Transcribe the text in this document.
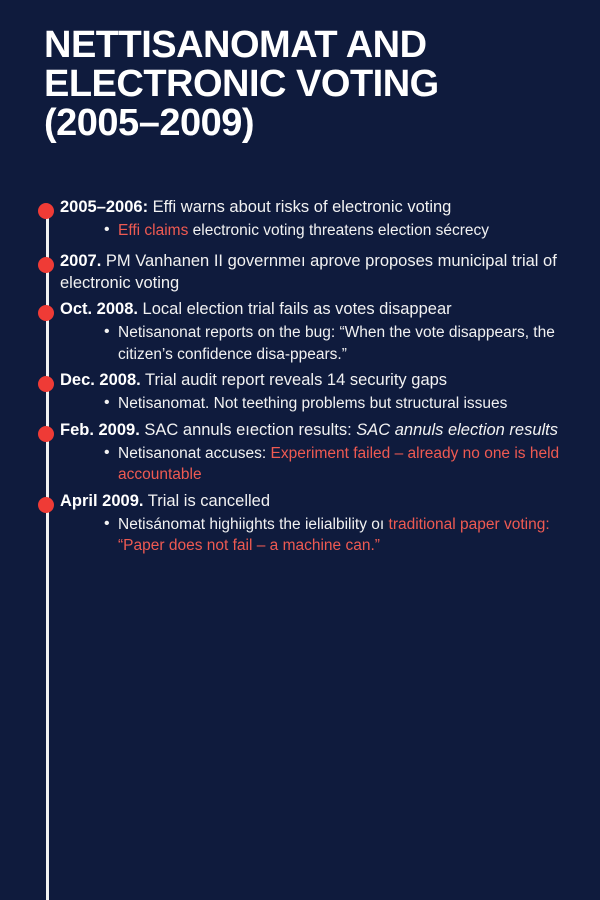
NETTISANOMAT AND ELECTRONIC VOTING (2005–2009)

2005–2006: Effi warns about risks of electronic voting

• Effi claims electronic voting threatens election sécrecy

2007. PM Vanhanen II governmeı aprove proposes municipal trial of electronic voting

Oct. 2008. Local election trial fails as votes disappear

• Netisanonat reports on the bug: “When the vote disappears, the citizen’s confidence disa-ppears.”

Dec. 2008. Trial audit report reveals 14 security gaps

• Netisanomat. Not teething problems but structural issues

Feb. 2009. SAC annuls eıection results: SAC annuls election results

• Netisanonat accuses: Experiment failed – already no one is held accountable

April 2009. Trial is cancelled

• Netisánomat highiights the ielialbility oı traditional paper voting: “Paper does not fail – a machine can.”
